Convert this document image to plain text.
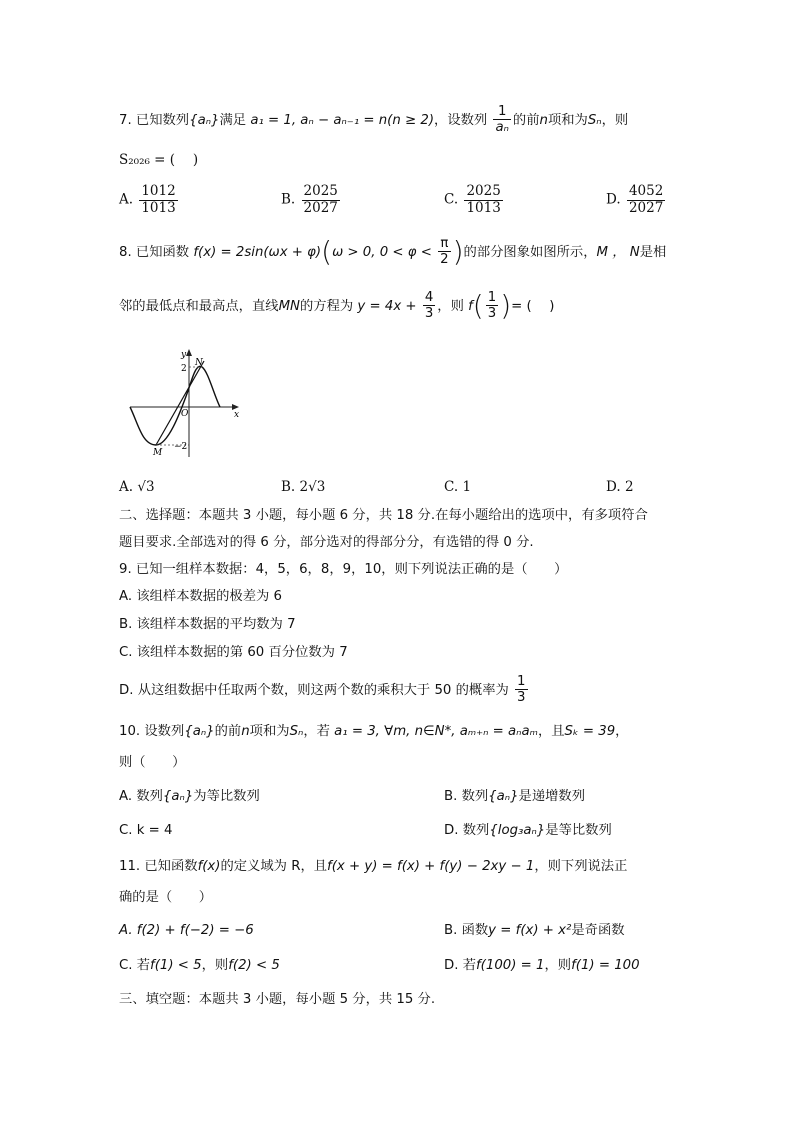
7. 已知数列{aₙ}满足 a₁ = 1, aₙ − aₙ₋₁ = n(n ≥ 2)，设数列 $\frac{1}{\text{aₙ}}$ 的前n项和为Sₙ，则
S₂₀₂₆ = (　 )
A. $\frac{1012}{1013}$	B. $\frac{2025}{2027}$	C. $\frac{2025}{1013}$	D. $\frac{4052}{2027}$
8. 已知函数 f(x) = 2sin(ωx + φ)(ω > 0, $0 < \varphi < \frac{\pi}{2}$ )的部分图象如图所示，M ， N是相
邻的最低点和最高点，直线MN的方程为 $y = 4x + \frac{4}{3}$ ，则 $f( \frac{1}{3}$ )= (　 )
y
x
2
−2
O
N
M
A. √3	B. 2√3	C. 1	D. 2
二、选择题：本题共 3 小题，每小题 6 分，共 18 分.在每小题给出的选项中，有多项符合
题目要求.全部选对的得 6 分，部分选对的得部分分，有选错的得 0 分.
9. 已知一组样本数据：4，5，6，8，9，10，则下列说法正确的是（　　）
A. 该组样本数据的极差为 6
B. 该组样本数据的平均数为 7
C. 该组样本数据的第 60 百分位数为 7
D. 从这组数据中任取两个数，则这两个数的乘积大于 50 的概率为 $\frac{1}{3}$
10. 设数列{aₙ}的前n项和为Sₙ，若 a₁ = 3, ∀m, n∈N*, aₘ₊ₙ = aₙaₘ，且Sₖ = 39，
则（　　）
A. 数列{aₙ}为等比数列	B. 数列{aₙ}是递增数列
C. k = 4	D. 数列{log₃aₙ}是等比数列
11. 已知函数f(x)的定义域为 R，且f(x + y) = f(x) + f(y) − 2xy − 1，则下列说法正
确的是（　　）
A. f(2) + f(−2) = −6	B. 函数y = f(x) + x²是奇函数
C. 若f(1) < 5，则f(2) < 5	D. 若f(100) = 1，则f(1) = 100
三、填空题：本题共 3 小题，每小题 5 分，共 15 分.
